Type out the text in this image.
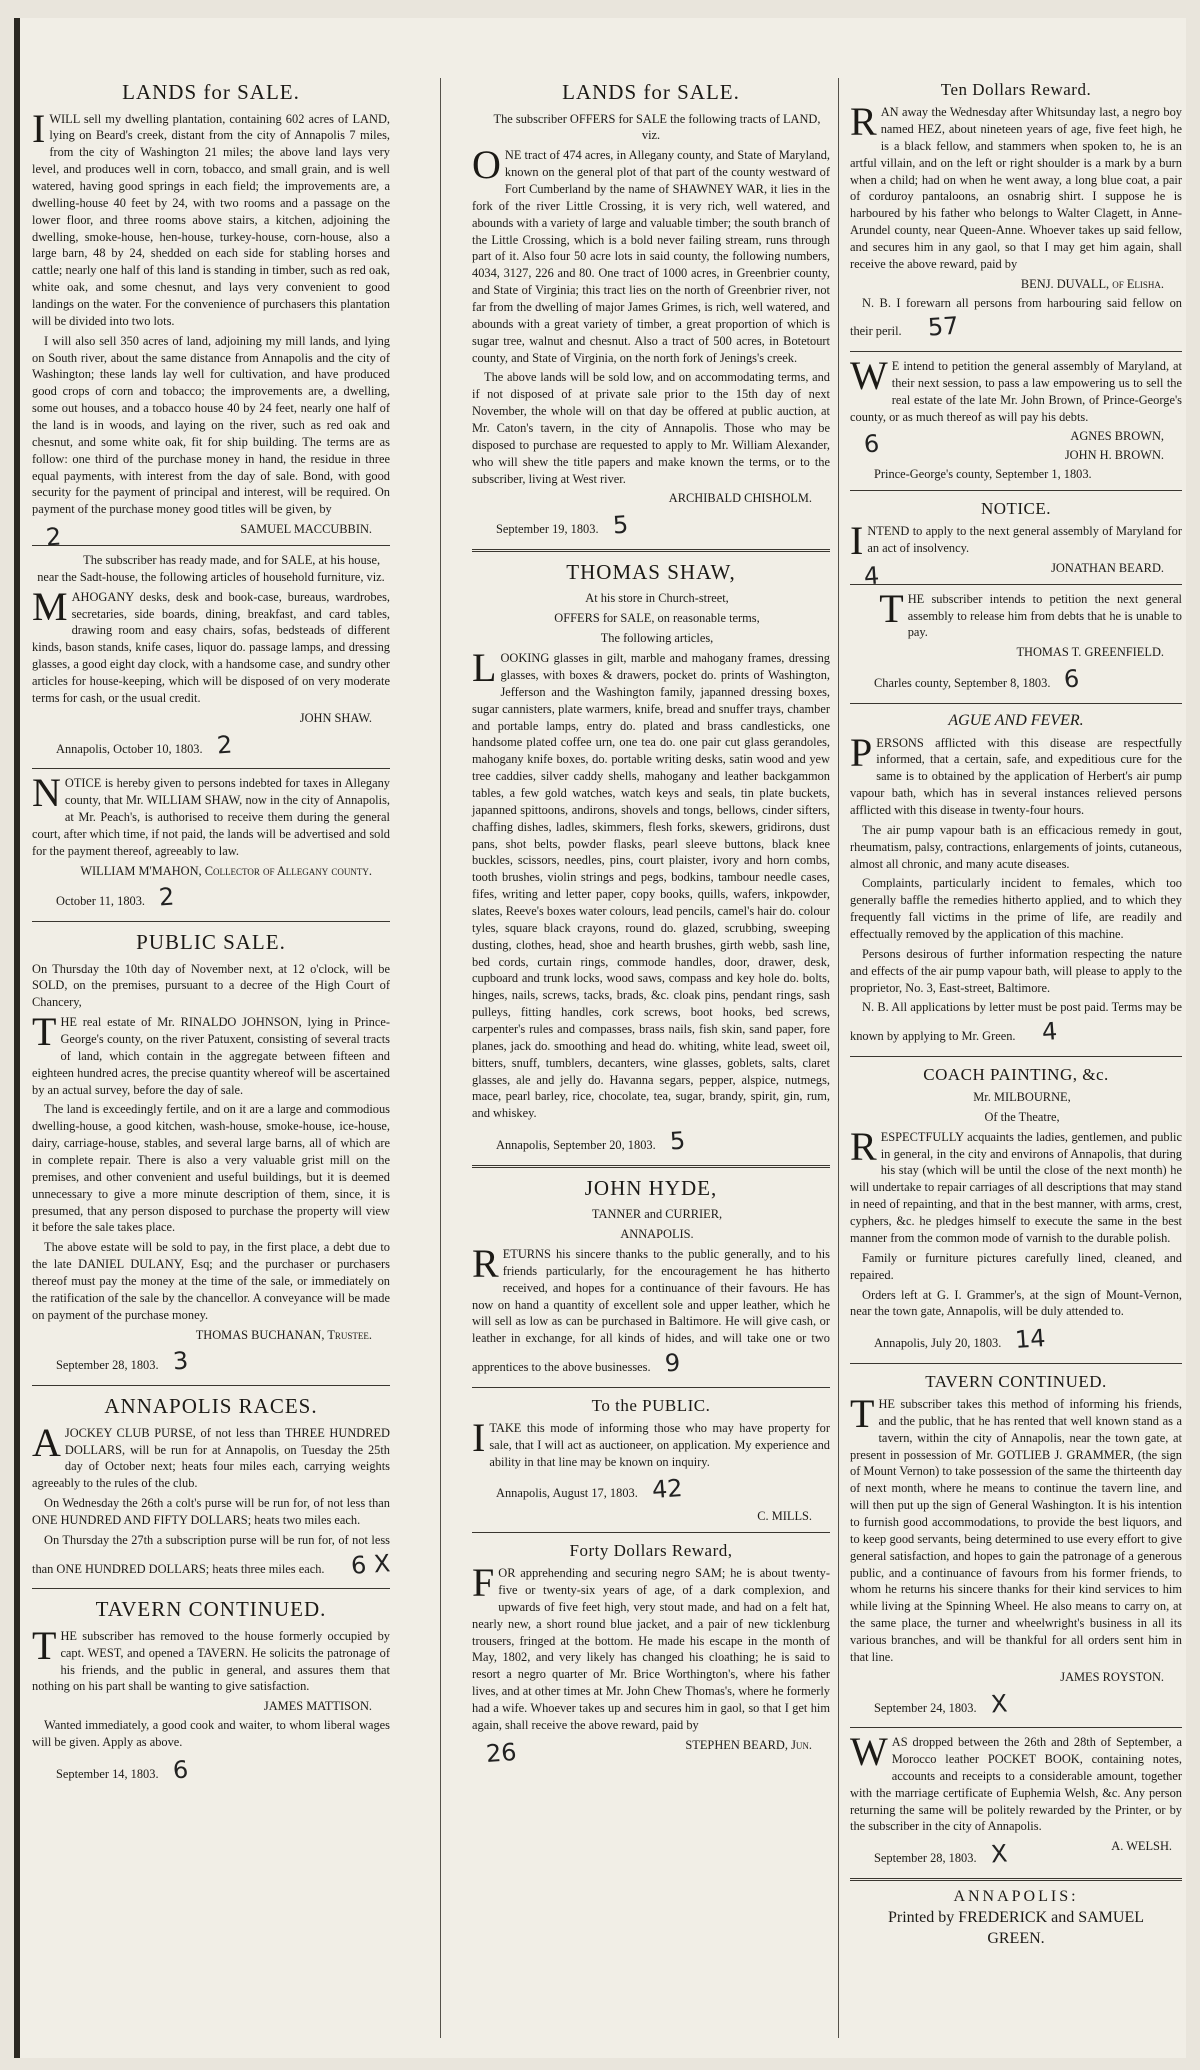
LANDS for SALE.

IWILL sell my dwelling plantation, containing 602 acres of LAND, lying on Beard's creek, distant from the city of Annapolis 7 miles, from the city of Washington 21 miles; the above land lays very level, and produces well in corn, tobacco, and small grain, and is well watered, having good springs in each field; the improvements are, a dwelling-house 40 feet by 24, with two rooms and a passage on the lower floor, and three rooms above stairs, a kitchen, adjoining the dwelling, smoke-house, hen-house, turkey-house, corn-house, also a large barn, 48 by 24, shedded on each side for stabling horses and cattle; nearly one half of this land is standing in timber, such as red oak, white oak, and some chesnut, and lays very convenient to good landings on the water. For the convenience of purchasers this plantation will be divided into two lots.

I will also sell 350 acres of land, adjoining my mill lands, and lying on South river, about the same distance from Annapolis and the city of Washington; these lands lay well for cultivation, and have produced good crops of corn and tobacco; the improvements are, a dwelling, some out houses, and a tobacco house 40 by 24 feet, nearly one half of the land is in woods, and laying on the river, such as red oak and chesnut, and some white oak, fit for ship building. The terms are as follow: one third of the purchase money in hand, the residue in three equal payments, with interest from the day of sale. Bond, with good security for the payment of principal and interest, will be required. On payment of the purchase money good titles will be given, by

2	SAMUEL MACCUBBIN.

The subscriber has ready made, and for SALE, at his house, near the Sadt-house, the following articles of household furniture, viz.

MAHOGANY desks, desk and book-case, bureaus, wardrobes, secretaries, side boards, dining, breakfast, and card tables, drawing room and easy chairs, sofas, bedsteads of different kinds, bason stands, knife cases, liquor do. passage lamps, and dressing glasses, a good eight day clock, with a handsome case, and sundry other articles for house-keeping, which will be disposed of on very moderate terms for cash, or the usual credit.

JOHN SHAW.
Annapolis, October 10, 1803. 2

NOTICE is hereby given to persons indebted for taxes in Allegany county, that Mr. WILLIAM SHAW, now in the city of Annapolis, at Mr. Peach's, is authorised to receive them during the general court, after which time, if not paid, the lands will be advertised and sold for the payment thereof, agreeably to law.

WILLIAM M'MAHON, Collector of Allegany county.
October 11, 1803. 2
PUBLIC SALE.

On Thursday the 10th day of November next, at 12 o'clock, will be SOLD, on the premises, pursuant to a decree of the High Court of Chancery,

THE real estate of Mr. RINALDO JOHNSON, lying in Prince-George's county, on the river Patuxent, consisting of several tracts of land, which contain in the aggregate between fifteen and eighteen hundred acres, the precise quantity whereof will be ascertained by an actual survey, before the day of sale.

The land is exceedingly fertile, and on it are a large and commodious dwelling-house, a good kitchen, wash-house, smoke-house, ice-house, dairy, carriage-house, stables, and several large barns, all of which are in complete repair. There is also a very valuable grist mill on the premises, and other convenient and useful buildings, but it is deemed unnecessary to give a more minute description of them, since, it is presumed, that any person disposed to purchase the property will view it before the sale takes place.

The above estate will be sold to pay, in the first place, a debt due to the late DANIEL DULANY, Esq; and the purchaser or purchasers thereof must pay the money at the time of the sale, or immediately on the ratification of the sale by the chancellor. A conveyance will be made on payment of the purchase money.

THOMAS BUCHANAN, Trustee.
September 28, 1803. 3
ANNAPOLIS RACES.

AJOCKEY CLUB PURSE, of not less than THREE HUNDRED DOLLARS, will be run for at Annapolis, on Tuesday the 25th day of October next; heats four miles each, carrying weights agreeably to the rules of the club.

On Wednesday the 26th a colt's purse will be run for, of not less than ONE HUNDRED AND FIFTY DOLLARS; heats two miles each.

On Thursday the 27th a subscription purse will be run for, of not less than ONE HUNDRED DOLLARS; heats three miles each. 6 X

TAVERN CONTINUED.

THE subscriber has removed to the house formerly occupied by capt. WEST, and opened a TAVERN. He solicits the patronage of his friends, and the public in general, and assures them that nothing on his part shall be wanting to give satisfaction.

JAMES MATTISON.

Wanted immediately, a good cook and waiter, to whom liberal wages will be given. Apply as above.

September 14, 1803. 6
LANDS for SALE.

The subscriber OFFERS for SALE the following tracts of LAND, viz.

ONE tract of 474 acres, in Allegany county, and State of Maryland, known on the general plot of that part of the county westward of Fort Cumberland by the name of SHAWNEY WAR, it lies in the fork of the river Little Crossing, it is very rich, well watered, and abounds with a variety of large and valuable timber; the south branch of the Little Crossing, which is a bold never failing stream, runs through part of it. Also four 50 acre lots in said county, the following numbers, 4034, 3127, 226 and 80. One tract of 1000 acres, in Greenbrier county, and State of Virginia; this tract lies on the north of Greenbrier river, not far from the dwelling of major James Grimes, is rich, well watered, and abounds with a great variety of timber, a great proportion of which is sugar tree, walnut and chesnut. Also a tract of 500 acres, in Botetourt county, and State of Virginia, on the north fork of Jenings's creek.

The above lands will be sold low, and on accommodating terms, and if not disposed of at private sale prior to the 15th day of next November, the whole will on that day be offered at public auction, at Mr. Caton's tavern, in the city of Annapolis. Those who may be disposed to purchase are requested to apply to Mr. William Alexander, who will shew the title papers and make known the terms, or to the subscriber, living at West river.

ARCHIBALD CHISHOLM.
September 19, 1803. 5
THOMAS SHAW,

At his store in Church-street,

OFFERS for SALE, on reasonable terms,

The following articles,

LOOKING glasses in gilt, marble and mahogany frames, dressing glasses, with boxes & drawers, pocket do. prints of Washington, Jefferson and the Washington family, japanned dressing boxes, sugar cannisters, plate warmers, knife, bread and snuffer trays, chamber and portable lamps, entry do. plated and brass candlesticks, one handsome plated coffee urn, one tea do. one pair cut glass gerandoles, mahogany knife boxes, do. portable writing desks, satin wood and yew tree caddies, silver caddy shells, mahogany and leather backgammon tables, a few gold watches, watch keys and seals, tin plate buckets, japanned spittoons, andirons, shovels and tongs, bellows, cinder sifters, chaffing dishes, ladles, skimmers, flesh forks, skewers, gridirons, dust pans, shot belts, powder flasks, pearl sleeve buttons, black knee buckles, scissors, needles, pins, court plaister, ivory and horn combs, tooth brushes, violin strings and pegs, bodkins, tambour needle cases, fifes, writing and letter paper, copy books, quills, wafers, inkpowder, slates, Reeve's boxes water colours, lead pencils, camel's hair do. colour tyles, square black crayons, round do. glazed, scrubbing, sweeping dusting, clothes, head, shoe and hearth brushes, girth webb, sash line, bed cords, curtain rings, commode handles, door, drawer, desk, cupboard and trunk locks, wood saws, compass and key hole do. bolts, hinges, nails, screws, tacks, brads, &c. cloak pins, pendant rings, sash pulleys, fitting handles, cork screws, boot hooks, bed screws, carpenter's rules and compasses, brass nails, fish skin, sand paper, fore planes, jack do. smoothing and head do. whiting, white lead, sweet oil, bitters, snuff, tumblers, decanters, wine glasses, goblets, salts, claret glasses, ale and jelly do. Havanna segars, pepper, alspice, nutmegs, mace, pearl barley, rice, chocolate, tea, sugar, brandy, spirit, gin, rum, and whiskey.

Annapolis, September 20, 1803. 5
JOHN HYDE,

TANNER and CURRIER,

ANNAPOLIS.

RETURNS his sincere thanks to the public generally, and to his friends particularly, for the encouragement he has hitherto received, and hopes for a continuance of their favours. He has now on hand a quantity of excellent sole and upper leather, which he will sell as low as can be purchased in Baltimore. He will give cash, or leather in exchange, for all kinds of hides, and will take one or two apprentices to the above businesses. 9

To the PUBLIC.

ITAKE this mode of informing those who may have property for sale, that I will act as auctioneer, on application. My experience and ability in that line may be known on inquiry.

Annapolis, August 17, 1803. 42
C. MILLS.
Forty Dollars Reward,

FOR apprehending and securing negro SAM; he is about twenty-five or twenty-six years of age, of a dark complexion, and upwards of five feet high, very stout made, and had on a felt hat, nearly new, a short round blue jacket, and a pair of new ticklenburg trousers, fringed at the bottom. He made his escape in the month of May, 1802, and very likely has changed his cloathing; he is said to resort a negro quarter of Mr. Brice Worthington's, where his father lives, and at other times at Mr. John Chew Thomas's, where he formerly had a wife. Whoever takes up and secures him in gaol, so that I get him again, shall receive the above reward, paid by

26	STEPHEN BEARD, Jun.
Ten Dollars Reward.

RAN away the Wednesday after Whitsunday last, a negro boy named HEZ, about nineteen years of age, five feet high, he is a black fellow, and stammers when spoken to, he is an artful villain, and on the left or right shoulder is a mark by a burn when a child; had on when he went away, a long blue coat, a pair of corduroy pantaloons, an osnabrig shirt. I suppose he is harboured by his father who belongs to Walter Clagett, in Anne-Arundel county, near Queen-Anne. Whoever takes up said fellow, and secures him in any gaol, so that I may get him again, shall receive the above reward, paid by

BENJ. DUVALL, of Elisha.

N. B. I forewarn all persons from harbouring said fellow on their peril. 57

W E intend to petition the general assembly of Maryland, at their next session, to pass a law empowering us to sell the real estate of the late Mr. John Brown, of Prince-George's county, or as much thereof as will pay his debts.

6	AGNES BROWN,
JOHN H. BROWN.
Prince-George's county, September 1, 1803.
NOTICE.

INTEND to apply to the next general assembly of Maryland for an act of insolvency.

4	JONATHAN BEARD.

THE subscriber intends to petition the next general assembly to release him from debts that he is unable to pay.

THOMAS T. GREENFIELD.
Charles county, September 8, 1803. 6
AGUE AND FEVER.

PERSONS afflicted with this disease are respectfully informed, that a certain, safe, and expeditious cure for the same is to obtained by the application of Herbert's air pump vapour bath, which has in several instances relieved persons afflicted with this disease in twenty-four hours.

The air pump vapour bath is an efficacious remedy in gout, rheumatism, palsy, contractions, enlargements of joints, cutaneous, almost all chronic, and many acute diseases.

Complaints, particularly incident to females, which too generally baffle the remedies hitherto applied, and to which they frequently fall victims in the prime of life, are readily and effectually removed by the application of this machine.

Persons desirous of further information respecting the nature and effects of the air pump vapour bath, will please to apply to the proprietor, No. 3, East-street, Baltimore.

N. B. All applications by letter must be post paid. Terms may be known by applying to Mr. Green. 4

COACH PAINTING, &c.

Mr. MILBOURNE,

Of the Theatre,

RESPECTFULLY acquaints the ladies, gentlemen, and public in general, in the city and environs of Annapolis, that during his stay (which will be until the close of the next month) he will undertake to repair carriages of all descriptions that may stand in need of repainting, and that in the best manner, with arms, crest, cyphers, &c. he pledges himself to execute the same in the best manner from the common mode of varnish to the durable polish.

Family or furniture pictures carefully lined, cleaned, and repaired.

Orders left at G. I. Grammer's, at the sign of Mount-Vernon, near the town gate, Annapolis, will be duly attended to.

Annapolis, July 20, 1803. 14
TAVERN CONTINUED.

THE subscriber takes this method of informing his friends, and the public, that he has rented that well known stand as a tavern, within the city of Annapolis, near the town gate, at present in possession of Mr. GOTLIEB J. GRAMMER, (the sign of Mount Vernon) to take possession of the same the thirteenth day of next month, where he means to continue the tavern line, and will then put up the sign of General Washington. It is his intention to furnish good accommodations, to provide the best liquors, and to keep good servants, being determined to use every effort to give general satisfaction, and hopes to gain the patronage of a generous public, and a continuance of favours from his former friends, to whom he returns his sincere thanks for their kind services to him while living at the Spinning Wheel. He also means to carry on, at the same place, the turner and wheelwright's business in all its various branches, and will be thankful for all orders sent him in that line.

JAMES ROYSTON.
September 24, 1803. X

WAS dropped between the 26th and 28th of September, a Morocco leather POCKET BOOK, containing notes, accounts and receipts to a considerable amount, together with the marriage certificate of Euphemia Welsh, &c. Any person returning the same will be politely rewarded by the Printer, or by the subscriber in the city of Annapolis.

September 28, 1803. X	A. WELSH.
ANNAPOLIS:
Printed by FREDERICK and SAMUEL
GREEN.
